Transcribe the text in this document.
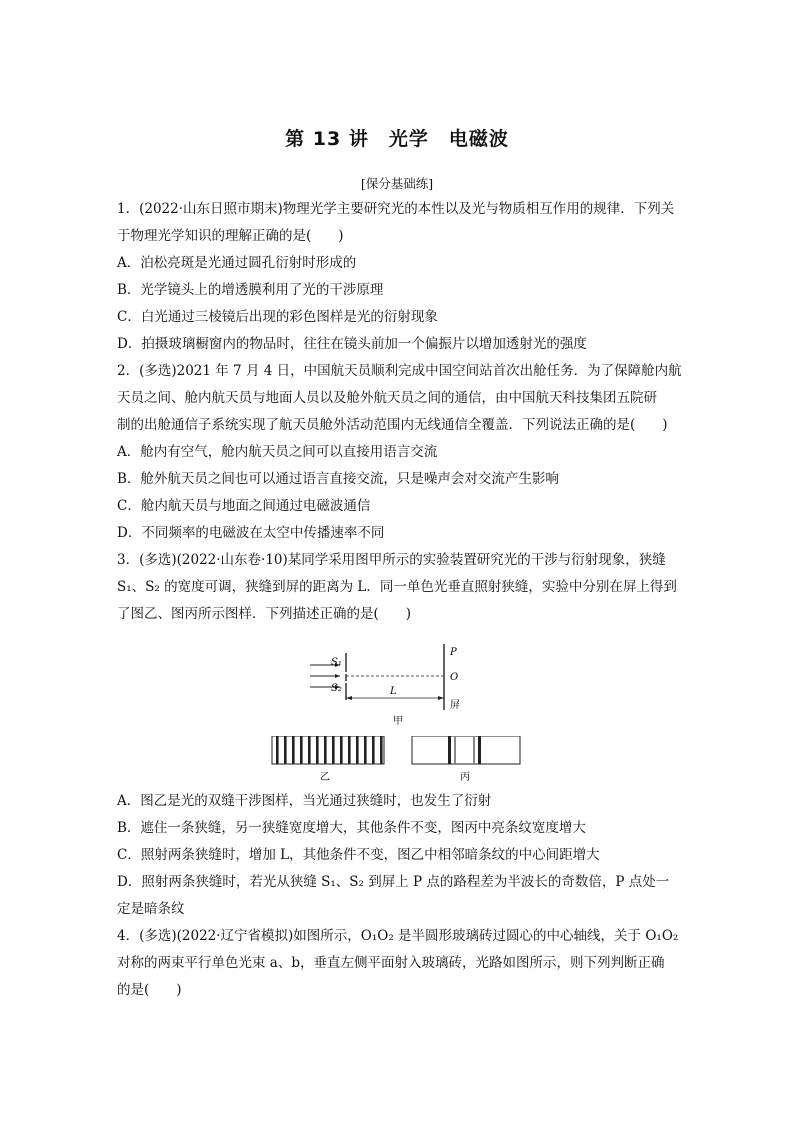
第 13 讲　光学　电磁波
[保分基础练]
1．(2022·山东日照市期末)物理光学主要研究光的本性以及光与物质相互作用的规律．下列关
于物理光学知识的理解正确的是(　　)
A．泊松亮斑是光通过圆孔衍射时形成的
B．光学镜头上的增透膜利用了光的干涉原理
C．白光通过三棱镜后出现的彩色图样是光的衍射现象
D．拍摄玻璃橱窗内的物品时，往往在镜头前加一个偏振片以增加透射光的强度
2．(多选)2021 年 7 月 4 日，中国航天员顺利完成中国空间站首次出舱任务．为了保障舱内航
天员之间、舱内航天员与地面人员以及舱外航天员之间的通信，由中国航天科技集团五院研
制的出舱通信子系统实现了航天员舱外活动范围内无线通信全覆盖．下列说法正确的是(　　)
A．舱内有空气，舱内航天员之间可以直接用语言交流
B．舱外航天员之间也可以通过语言直接交流，只是噪声会对交流产生影响
C．舱内航天员与地面之间通过电磁波通信
D．不同频率的电磁波在太空中传播速率不同
3．(多选)(2022·山东卷·10)某同学采用图甲所示的实验装置研究光的干涉与衍射现象，狭缝
S₁、S₂ 的宽度可调，狭缝到屏的距离为 L．同一单色光垂直照射狭缝，实验中分别在屏上得到
了图乙、图丙所示图样．下列描述正确的是(　　)
S₁
S₂
P
O
L
屏
甲
乙	丙
A．图乙是光的双缝干涉图样，当光通过狭缝时，也发生了衍射
B．遮住一条狭缝，另一狭缝宽度增大，其他条件不变，图丙中亮条纹宽度增大
C．照射两条狭缝时，增加 L，其他条件不变，图乙中相邻暗条纹的中心间距增大
D．照射两条狭缝时，若光从狭缝 S₁、S₂ 到屏上 P 点的路程差为半波长的奇数倍，P 点处一
定是暗条纹
4．(多选)(2022·辽宁省模拟)如图所示，O₁O₂ 是半圆形玻璃砖过圆心的中心轴线，关于 O₁O₂
对称的两束平行单色光束 a、b，垂直左侧平面射入玻璃砖，光路如图所示，则下列判断正确
的是(　　)
